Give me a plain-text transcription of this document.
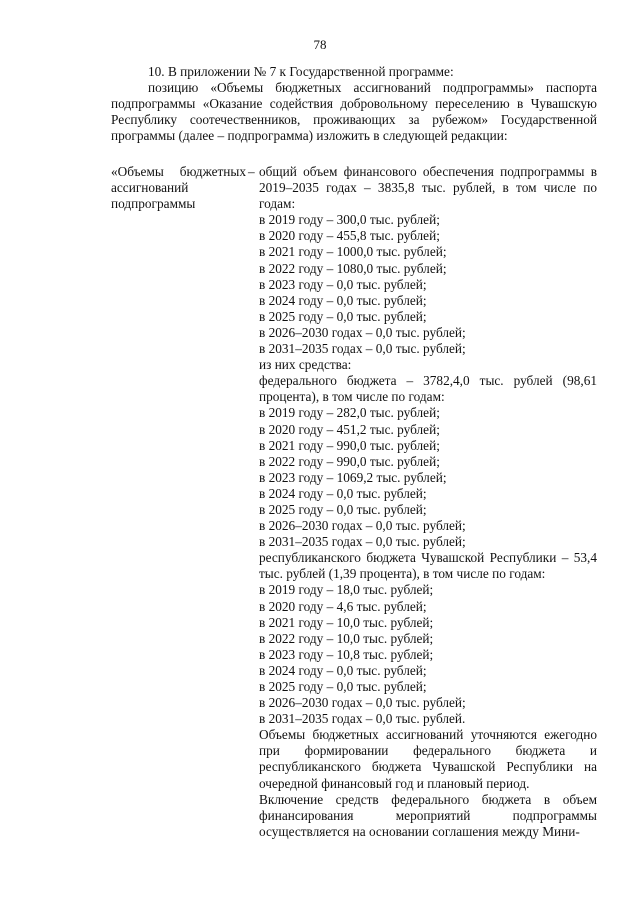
78

10. В приложении № 7 к Государственной программе:

позицию «Объемы бюджетных ассигнований подпрограммы» паспорта подпрограммы «Оказание содействия добровольному переселению в Чувашскую Республику соотечественников, проживающих за рубежом» Государственной программы (далее – подпрограмма) изложить в следующей редакции:

«Объемы бюджетных ассигнований подпрограммы
– общий объем финансового обеспечения подпрограммы в 2019–2035 годах – 3835,8 тыс. рублей, в том числе по годам:
в 2019 году – 300,0 тыс. рублей;
в 2020 году – 455,8 тыс. рублей;
в 2021 году – 1000,0 тыс. рублей;
в 2022 году – 1080,0 тыс. рублей;
в 2023 году – 0,0 тыс. рублей;
в 2024 году – 0,0 тыс. рублей;
в 2025 году – 0,0 тыс. рублей;
в 2026–2030 годах – 0,0 тыс. рублей;
в 2031–2035 годах – 0,0 тыс. рублей;
из них средства:
федерального бюджета – 3782,4,0 тыс. рублей (98,61 процента), в том числе по годам:
в 2019 году – 282,0 тыс. рублей;
в 2020 году – 451,2 тыс. рублей;
в 2021 году – 990,0 тыс. рублей;
в 2022 году – 990,0 тыс. рублей;
в 2023 году – 1069,2 тыс. рублей;
в 2024 году – 0,0 тыс. рублей;
в 2025 году – 0,0 тыс. рублей;
в 2026–2030 годах – 0,0 тыс. рублей;
в 2031–2035 годах – 0,0 тыс. рублей;
республиканского бюджета Чувашской Республики – 53,4 тыс. рублей (1,39 процента), в том числе по годам:
в 2019 году – 18,0 тыс. рублей;
в 2020 году – 4,6 тыс. рублей;
в 2021 году – 10,0 тыс. рублей;
в 2022 году – 10,0 тыс. рублей;
в 2023 году – 10,8 тыс. рублей;
в 2024 году – 0,0 тыс. рублей;
в 2025 году – 0,0 тыс. рублей;
в 2026–2030 годах – 0,0 тыс. рублей;
в 2031–2035 годах – 0,0 тыс. рублей.
Объемы бюджетных ассигнований уточняются ежегодно при формировании федерального бюджета и республиканского бюджета Чувашской Республики на очередной финансовый год и плановый период.
Включение средств федерального бюджета в объем финансирования мероприятий подпрограммы осуществляется на основании соглашения между Мини-
